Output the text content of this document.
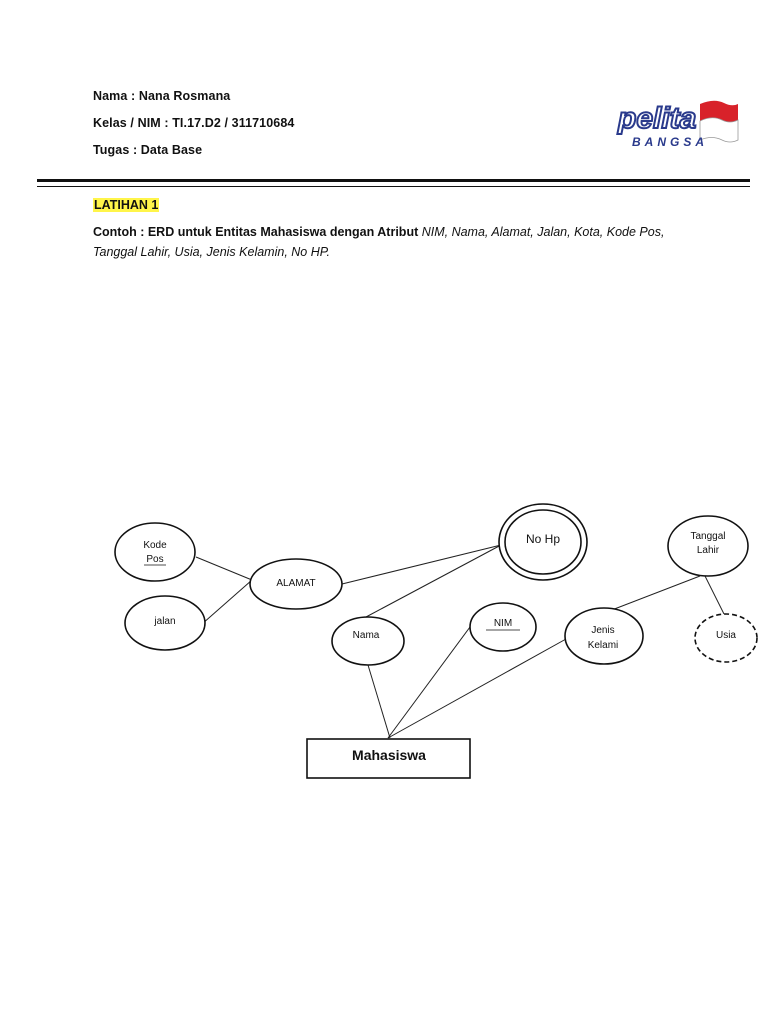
Nama : Nana Rosmana
Kelas / NIM : TI.17.D2 / 311710684
Tugas : Data Base
pelita
BANGSA
LATIHAN 1
Contoh : ERD untuk Entitas Mahasiswa dengan Atribut NIM, Nama, Alamat, Jalan, Kota, Kode Pos, Tanggal Lahir, Usia, Jenis Kelamin, No HP.
Kode
Pos
jalan
ALAMAT
No Hp
Nama
NIM
Jenis
Kelami
Tanggal
Lahir
Usia
Mahasiswa
